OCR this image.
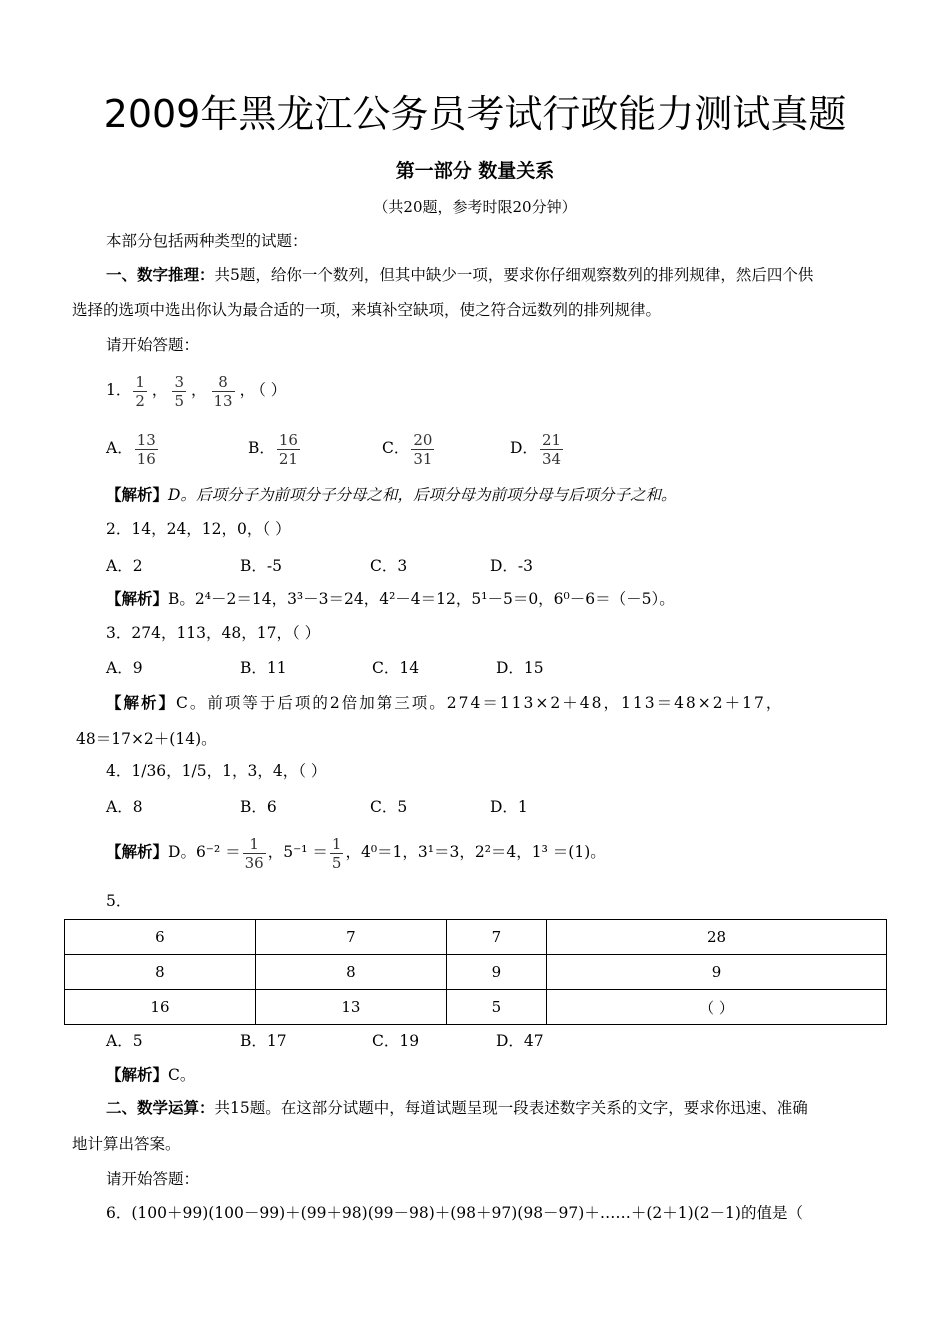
2009年黑龙江公务员考试行政能力测试真题
第一部分 数量关系
（共20题，参考时限20分钟）
本部分包括两种类型的试题：
一、数字推理：共5题，给你一个数列，但其中缺少一项，要求你仔细观察数列的排列规律，然后四个供
选择的选项中选出你认为最合适的一项，来填补空缺项，使之符合远数列的排列规律。
请开始答题：
1． $\frac{1}{2}$ ， $\frac{3}{5}$ ， $\frac{8}{13}$ ， （ ）
A． $\frac{13}{16}$	B． $\frac{16}{21}$	C． $\frac{20}{31}$	D． $\frac{21}{34}$
【解析】D。后项分子为前项分子分母之和，后项分母为前项分母与后项分子之和。
2．14，24，12，0，（ ）
A．2	B．-5	C．3	D．-3
【解析】B。2⁴－2＝14，3³－3＝24，4²－4＝12，5¹－5＝0，6⁰－6＝（－5）。
3．274，113，48，17，（ ）
A．9	B．11	C．14	D．15
【解析】C。前项等于后项的2倍加第三项。274＝113×2＋48，113＝48×2＋17，
48＝17×2＋(14)。
4．1/36，1/5，1，3，4，（ ）
A．8	B．6	C．5	D．1
【解析】D。$6^{-2} = \frac{1}{36}$ ，$5^{-1} = \frac{1}{5}$ ，4⁰＝1，3¹＝3，2²＝4，1³ ＝(1)。
5．
6	7	7	28
8	8	9	9
16	13	5	（ ）
A．5	B．17	C．19	D．47
【解析】C。
二、数学运算：共15题。在这部分试题中，每道试题呈现一段表述数字关系的文字，要求你迅速、准确
地计算出答案。
请开始答题：
6．(100＋99)(100－99)＋(99＋98)(99－98)＋(98＋97)(98－97)＋……＋(2＋1)(2－1)的值是（
